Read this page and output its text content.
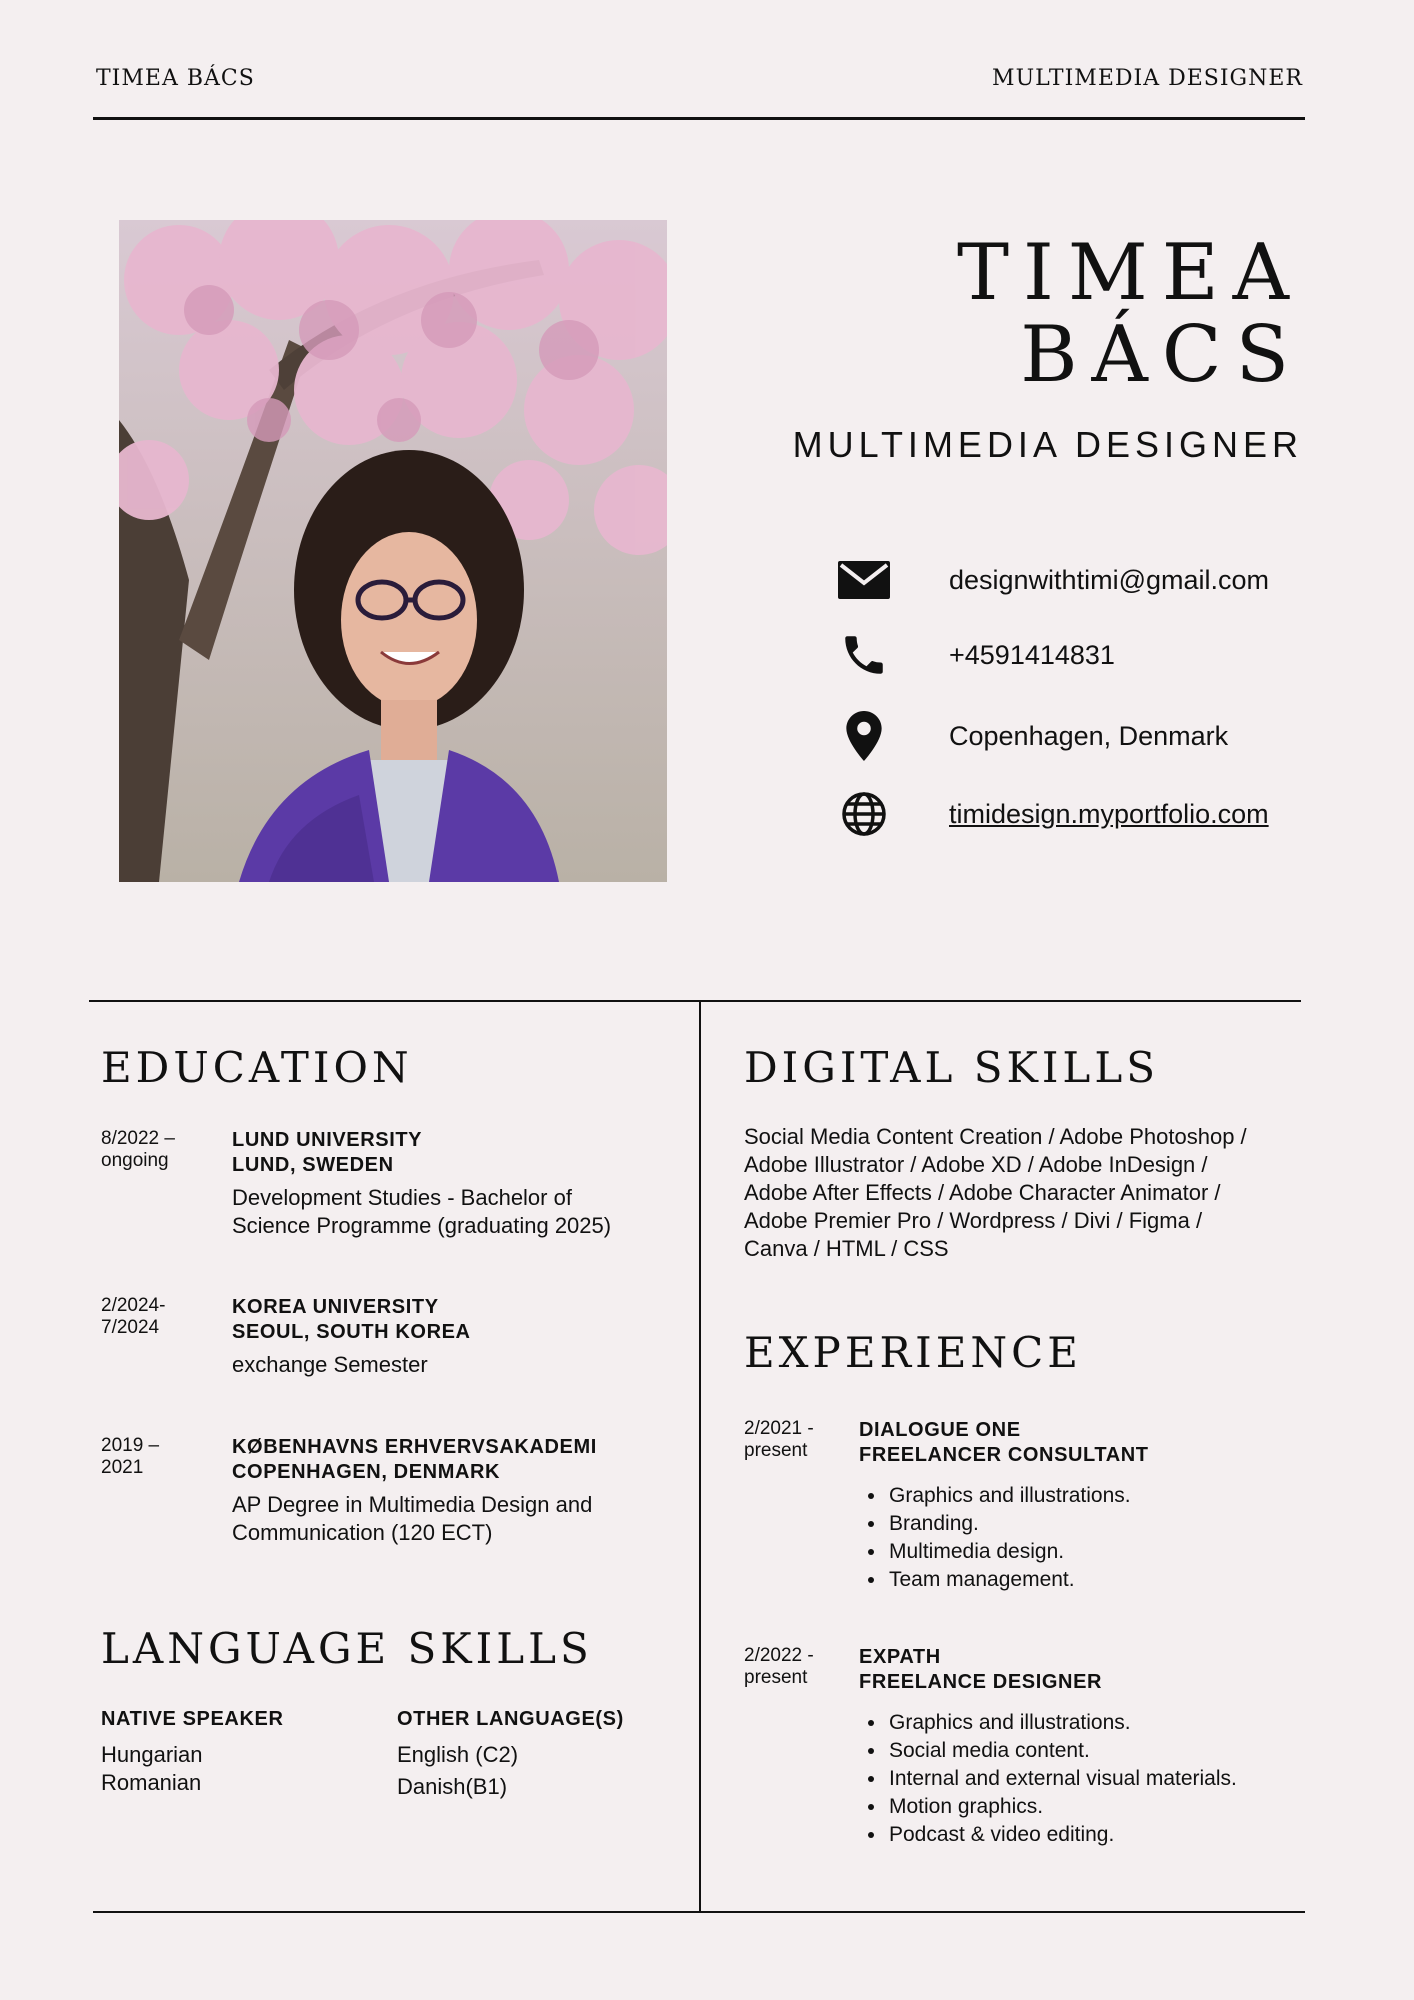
TIMEA BÁCS	MULTIMEDIA DESIGNER
TIMEA
BÁCS
MULTIMEDIA DESIGNER
designwithtimi@gmail.com
+4591414831
Copenhagen, Denmark
timidesign.myportfolio.com
EDUCATION
8/2022 –
ongoing
LUND UNIVERSITY
LUND, SWEDEN
Development Studies - Bachelor of
Science Programme (graduating 2025)
2/2024-
7/2024
KOREA UNIVERSITY
SEOUL, SOUTH KOREA
exchange Semester
2019 –
2021
KØBENHAVNS ERHVERVSAKADEMI
COPENHAGEN, DENMARK
AP Degree in Multimedia Design and
Communication (120 ECT)
LANGUAGE SKILLS
NATIVE SPEAKER
Hungarian
Romanian
OTHER LANGUAGE(S)
English (C2)
Danish(B1)
DIGITAL SKILLS
Social Media Content Creation / Adobe Photoshop /
Adobe Illustrator / Adobe XD / Adobe InDesign /
Adobe After Effects / Adobe Character Animator /
Adobe Premier Pro / Wordpress / Divi / Figma /
Canva / HTML / CSS
EXPERIENCE
2/2021 -
present
DIALOGUE ONE
FREELANCER CONSULTANT
• Graphics and illustrations.
• Branding.
• Multimedia design.
• Team management.
2/2022 -
present
EXPATH
FREELANCE DESIGNER
• Graphics and illustrations.
• Social media content.
• Internal and external visual materials.
• Motion graphics.
• Podcast & video editing.
